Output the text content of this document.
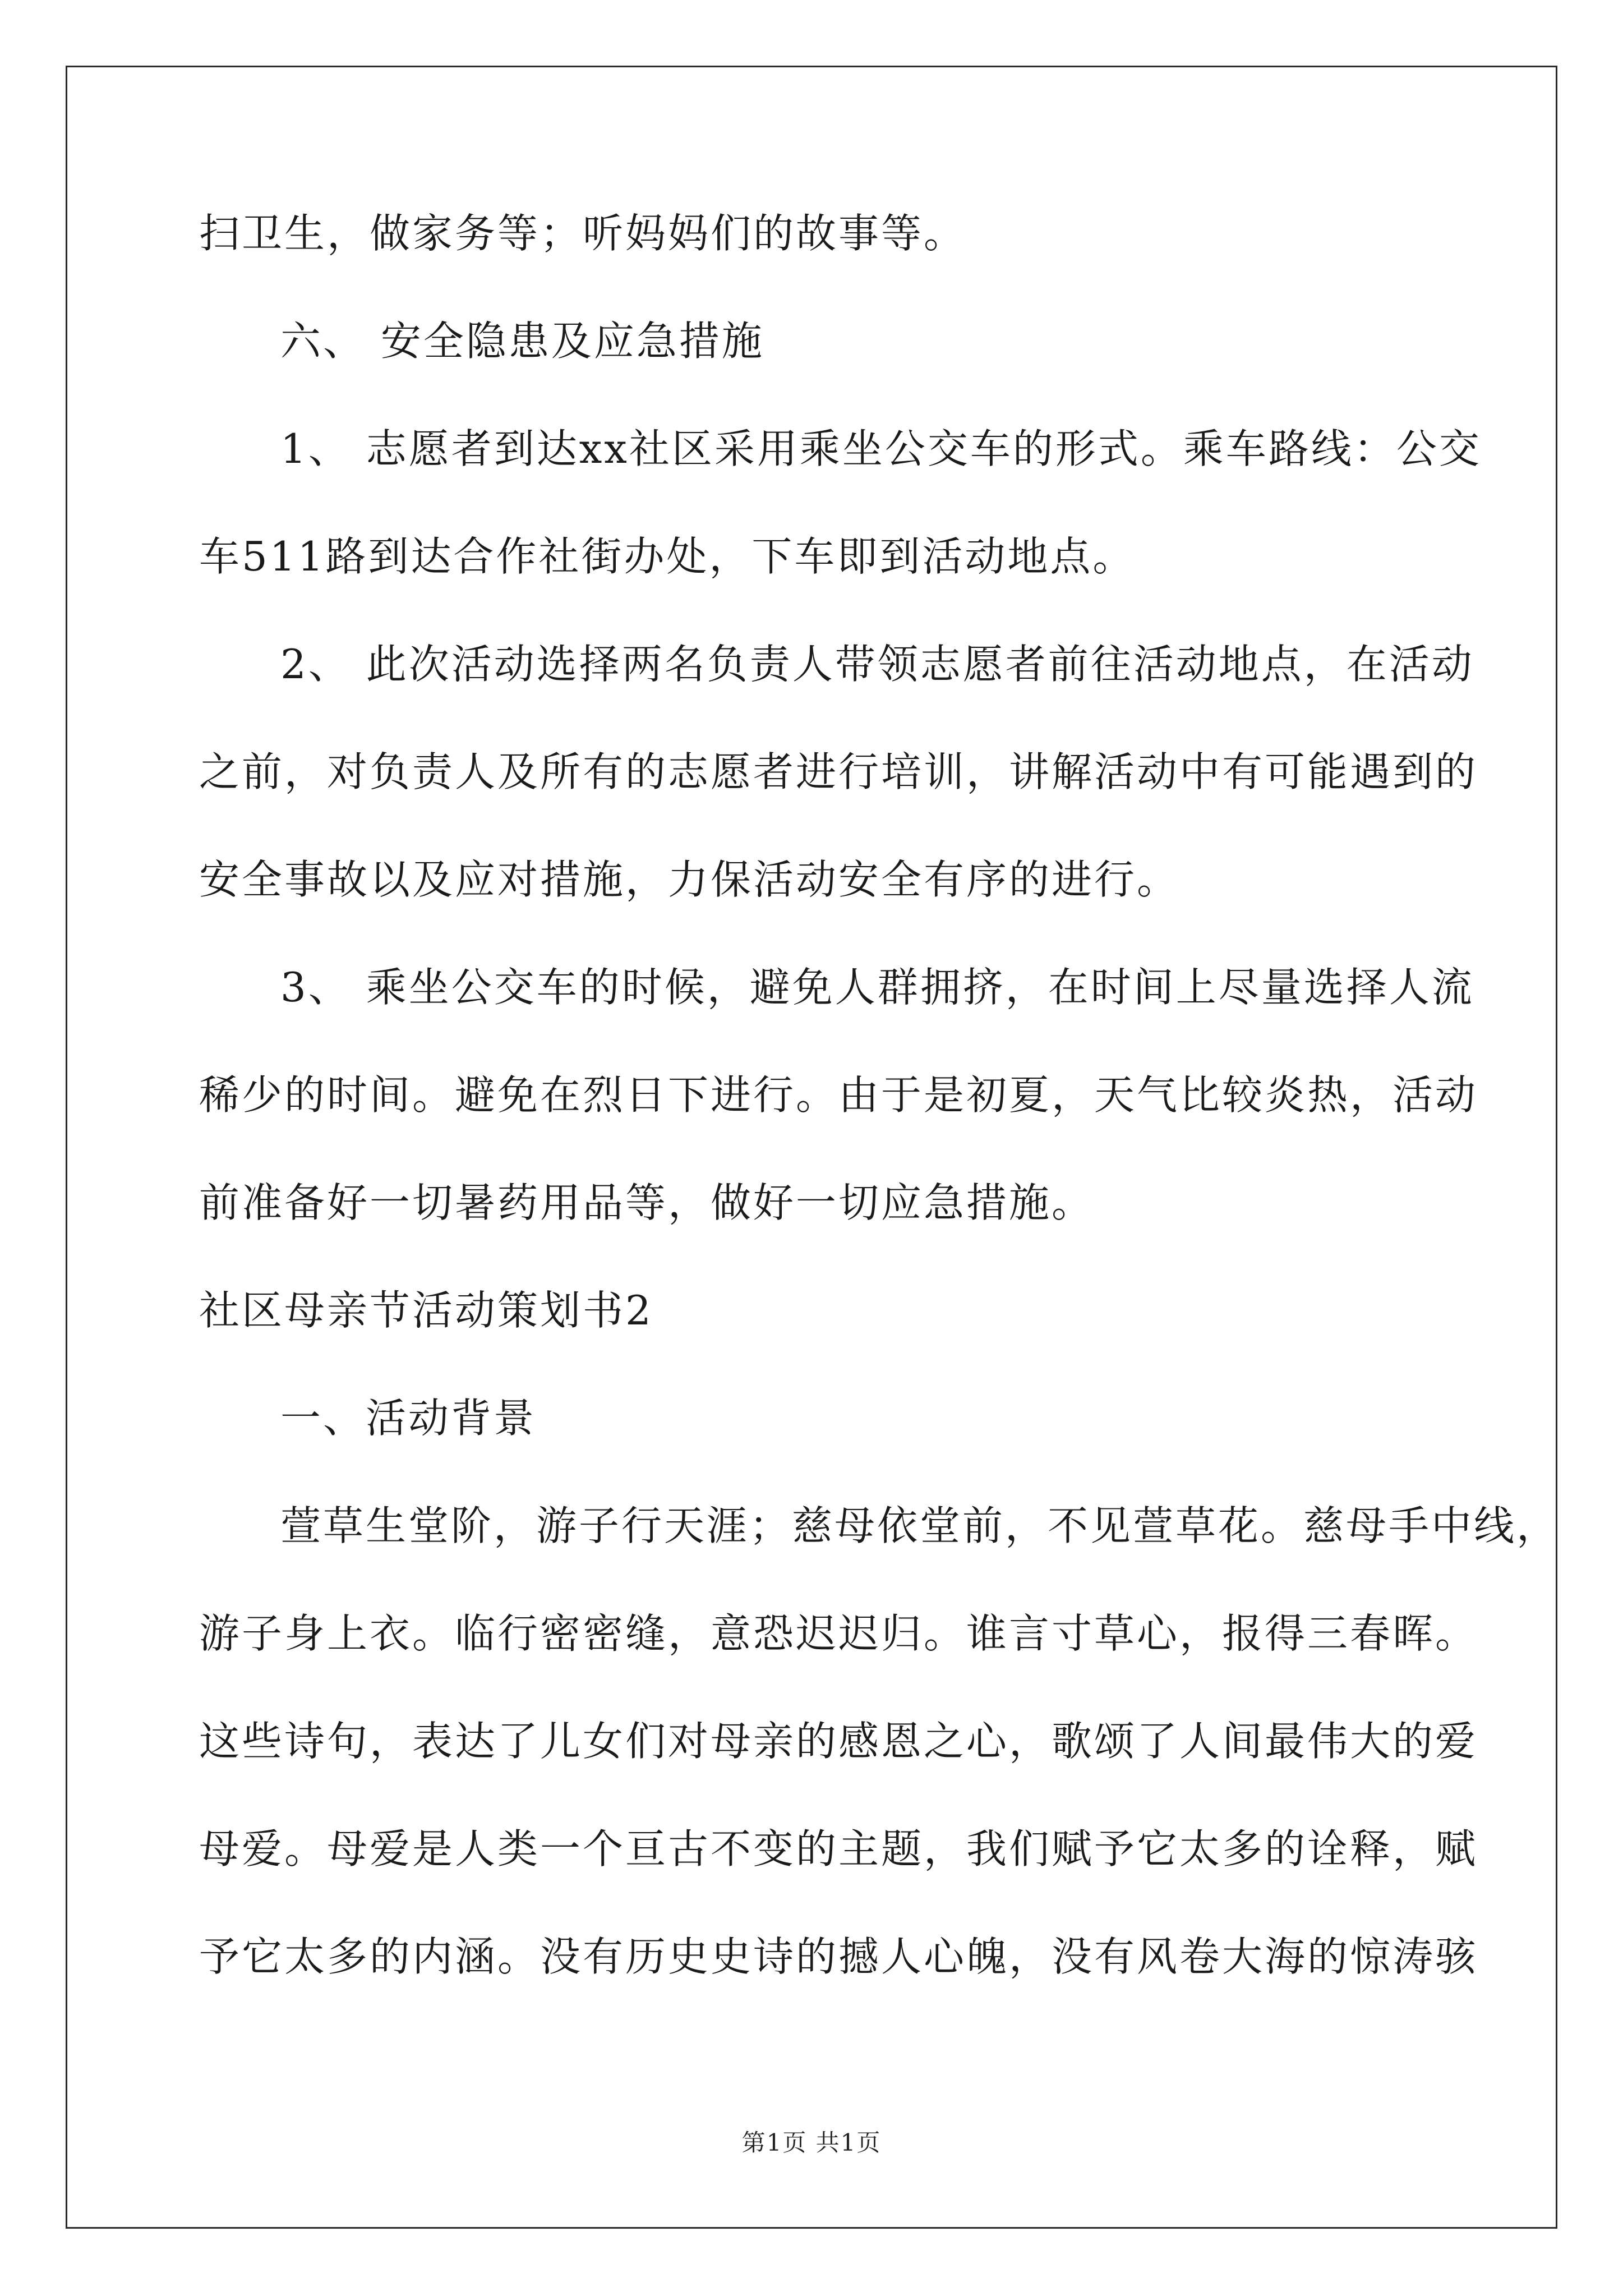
扫卫生，做家务等；听妈妈们的故事等。
六、 安全隐患及应急措施
1、 志愿者到达xx社区采用乘坐公交车的形式。乘车路线：公交
车511路到达合作社街办处，下车即到活动地点。
2、 此次活动选择两名负责人带领志愿者前往活动地点，在活动
之前，对负责人及所有的志愿者进行培训，讲解活动中有可能遇到的
安全事故以及应对措施，力保活动安全有序的进行。
3、 乘坐公交车的时候，避免人群拥挤，在时间上尽量选择人流
稀少的时间。避免在烈日下进行。由于是初夏，天气比较炎热，活动
前准备好一切暑药用品等，做好一切应急措施。
社区母亲节活动策划书2
一、活动背景
萱草生堂阶，游子行天涯；慈母依堂前，不见萱草花。慈母手中线，
游子身上衣。临行密密缝，意恐迟迟归。谁言寸草心，报得三春晖。
这些诗句，表达了儿女们对母亲的感恩之心，歌颂了人间最伟大的爱
母爱。母爱是人类一个亘古不变的主题，我们赋予它太多的诠释，赋
予它太多的内涵。没有历史史诗的撼人心魄，没有风卷大海的惊涛骇
第1页 共1页
